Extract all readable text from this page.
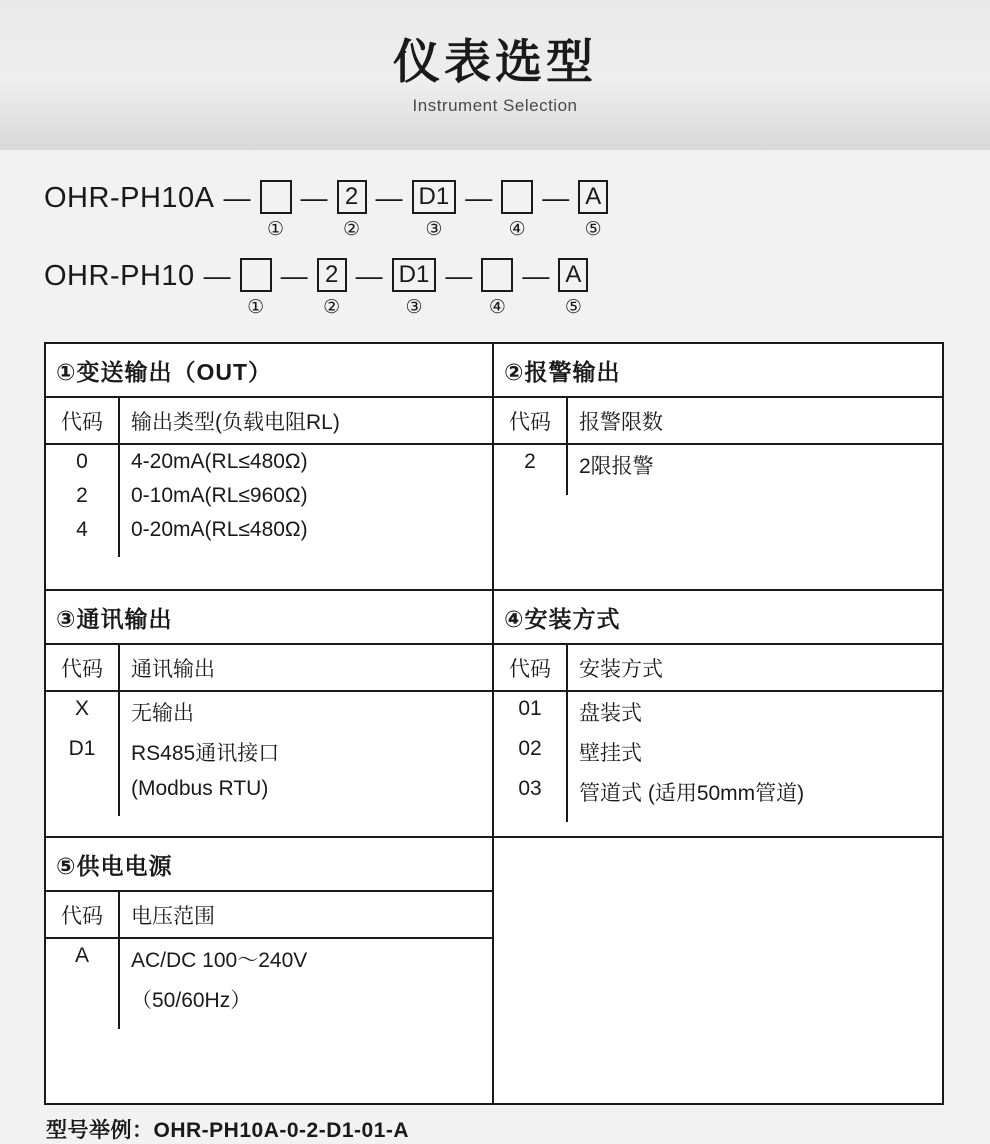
仪表选型
Instrument Selection
OHR-PH10A —
①
— 2
②
— D1
③
—
④
— A
⑤
OHR-PH10 —
①
— 2
②
— D1
③
—
④
— A
⑤
①变送输出（OUT）
代码	输出类型(负载电阻RL)
0	4-20mA(RL≤480Ω)
2	0-10mA(RL≤960Ω)
4	0-20mA(RL≤480Ω)
②报警输出
代码	报警限数
2	2限报警
③通讯输出
代码	通讯输出
X	无输出
D1	RS485通讯接口
(Modbus RTU)
④安装方式
代码	安装方式
01	盘装式
02	壁挂式
03	管道式 (适用50mm管道)
⑤供电电源
代码	电压范围
A	AC/DC 100～240V
（50/60Hz）
型号举例：OHR-PH10A-0-2-D1-01-A
